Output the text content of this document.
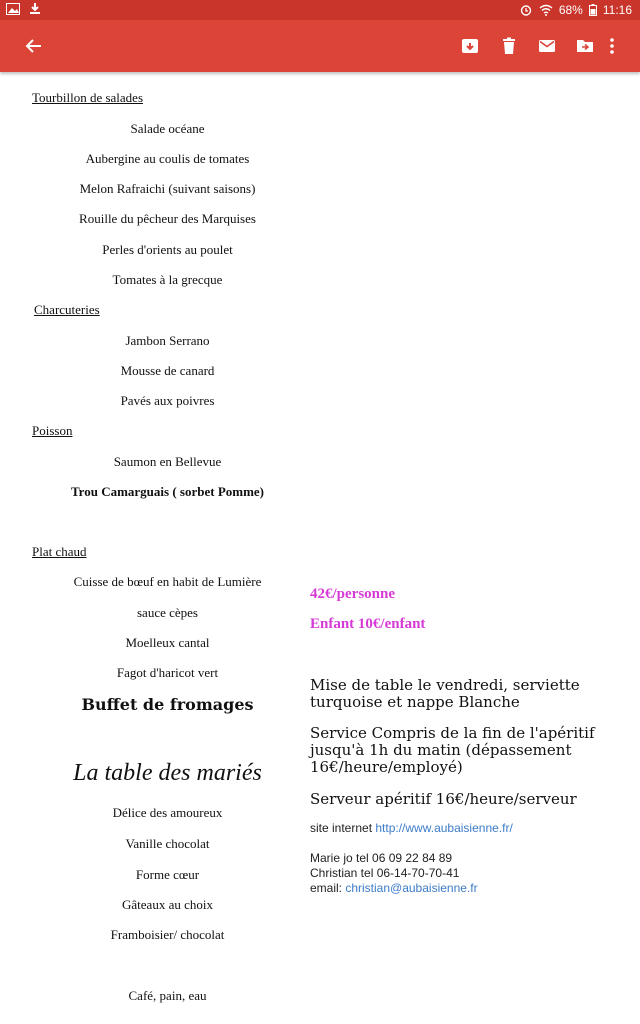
68% 11:16
Tourbillon de salades
Salade océane
Aubergine au coulis de tomates
Melon Rafraichi (suivant saisons)
Rouille du pêcheur des Marquises
Perles d'orients au poulet
Tomates à la grecque
Charcuteries
Jambon Serrano
Mousse de canard
Pavés aux poivres
Poisson
Saumon en Bellevue
Trou Camarguais ( sorbet Pomme)
Plat chaud
Cuisse de bœuf en habit de Lumière
sauce cèpes
Moelleux cantal
Fagot d'haricot vert
Buffet de fromages
La table des mariés
Délice des amoureux
Vanille chocolat
Forme cœur
Gâteaux au choix
Framboisier/ chocolat
Café, pain, eau
42€/personne
Enfant 10€/enfant
Mise de table le vendredi, serviette turquoise et nappe Blanche
Service Compris de la fin de l'apéritif jusqu'à 1h du matin (dépassement 16€/heure/employé)
Serveur apéritif 16€/heure/serveur
site internet http://www.aubaisienne.fr/
Marie jo tel 06 09 22 84 89
Christian tel 06-14-70-70-41
email: christian@aubaisienne.fr
